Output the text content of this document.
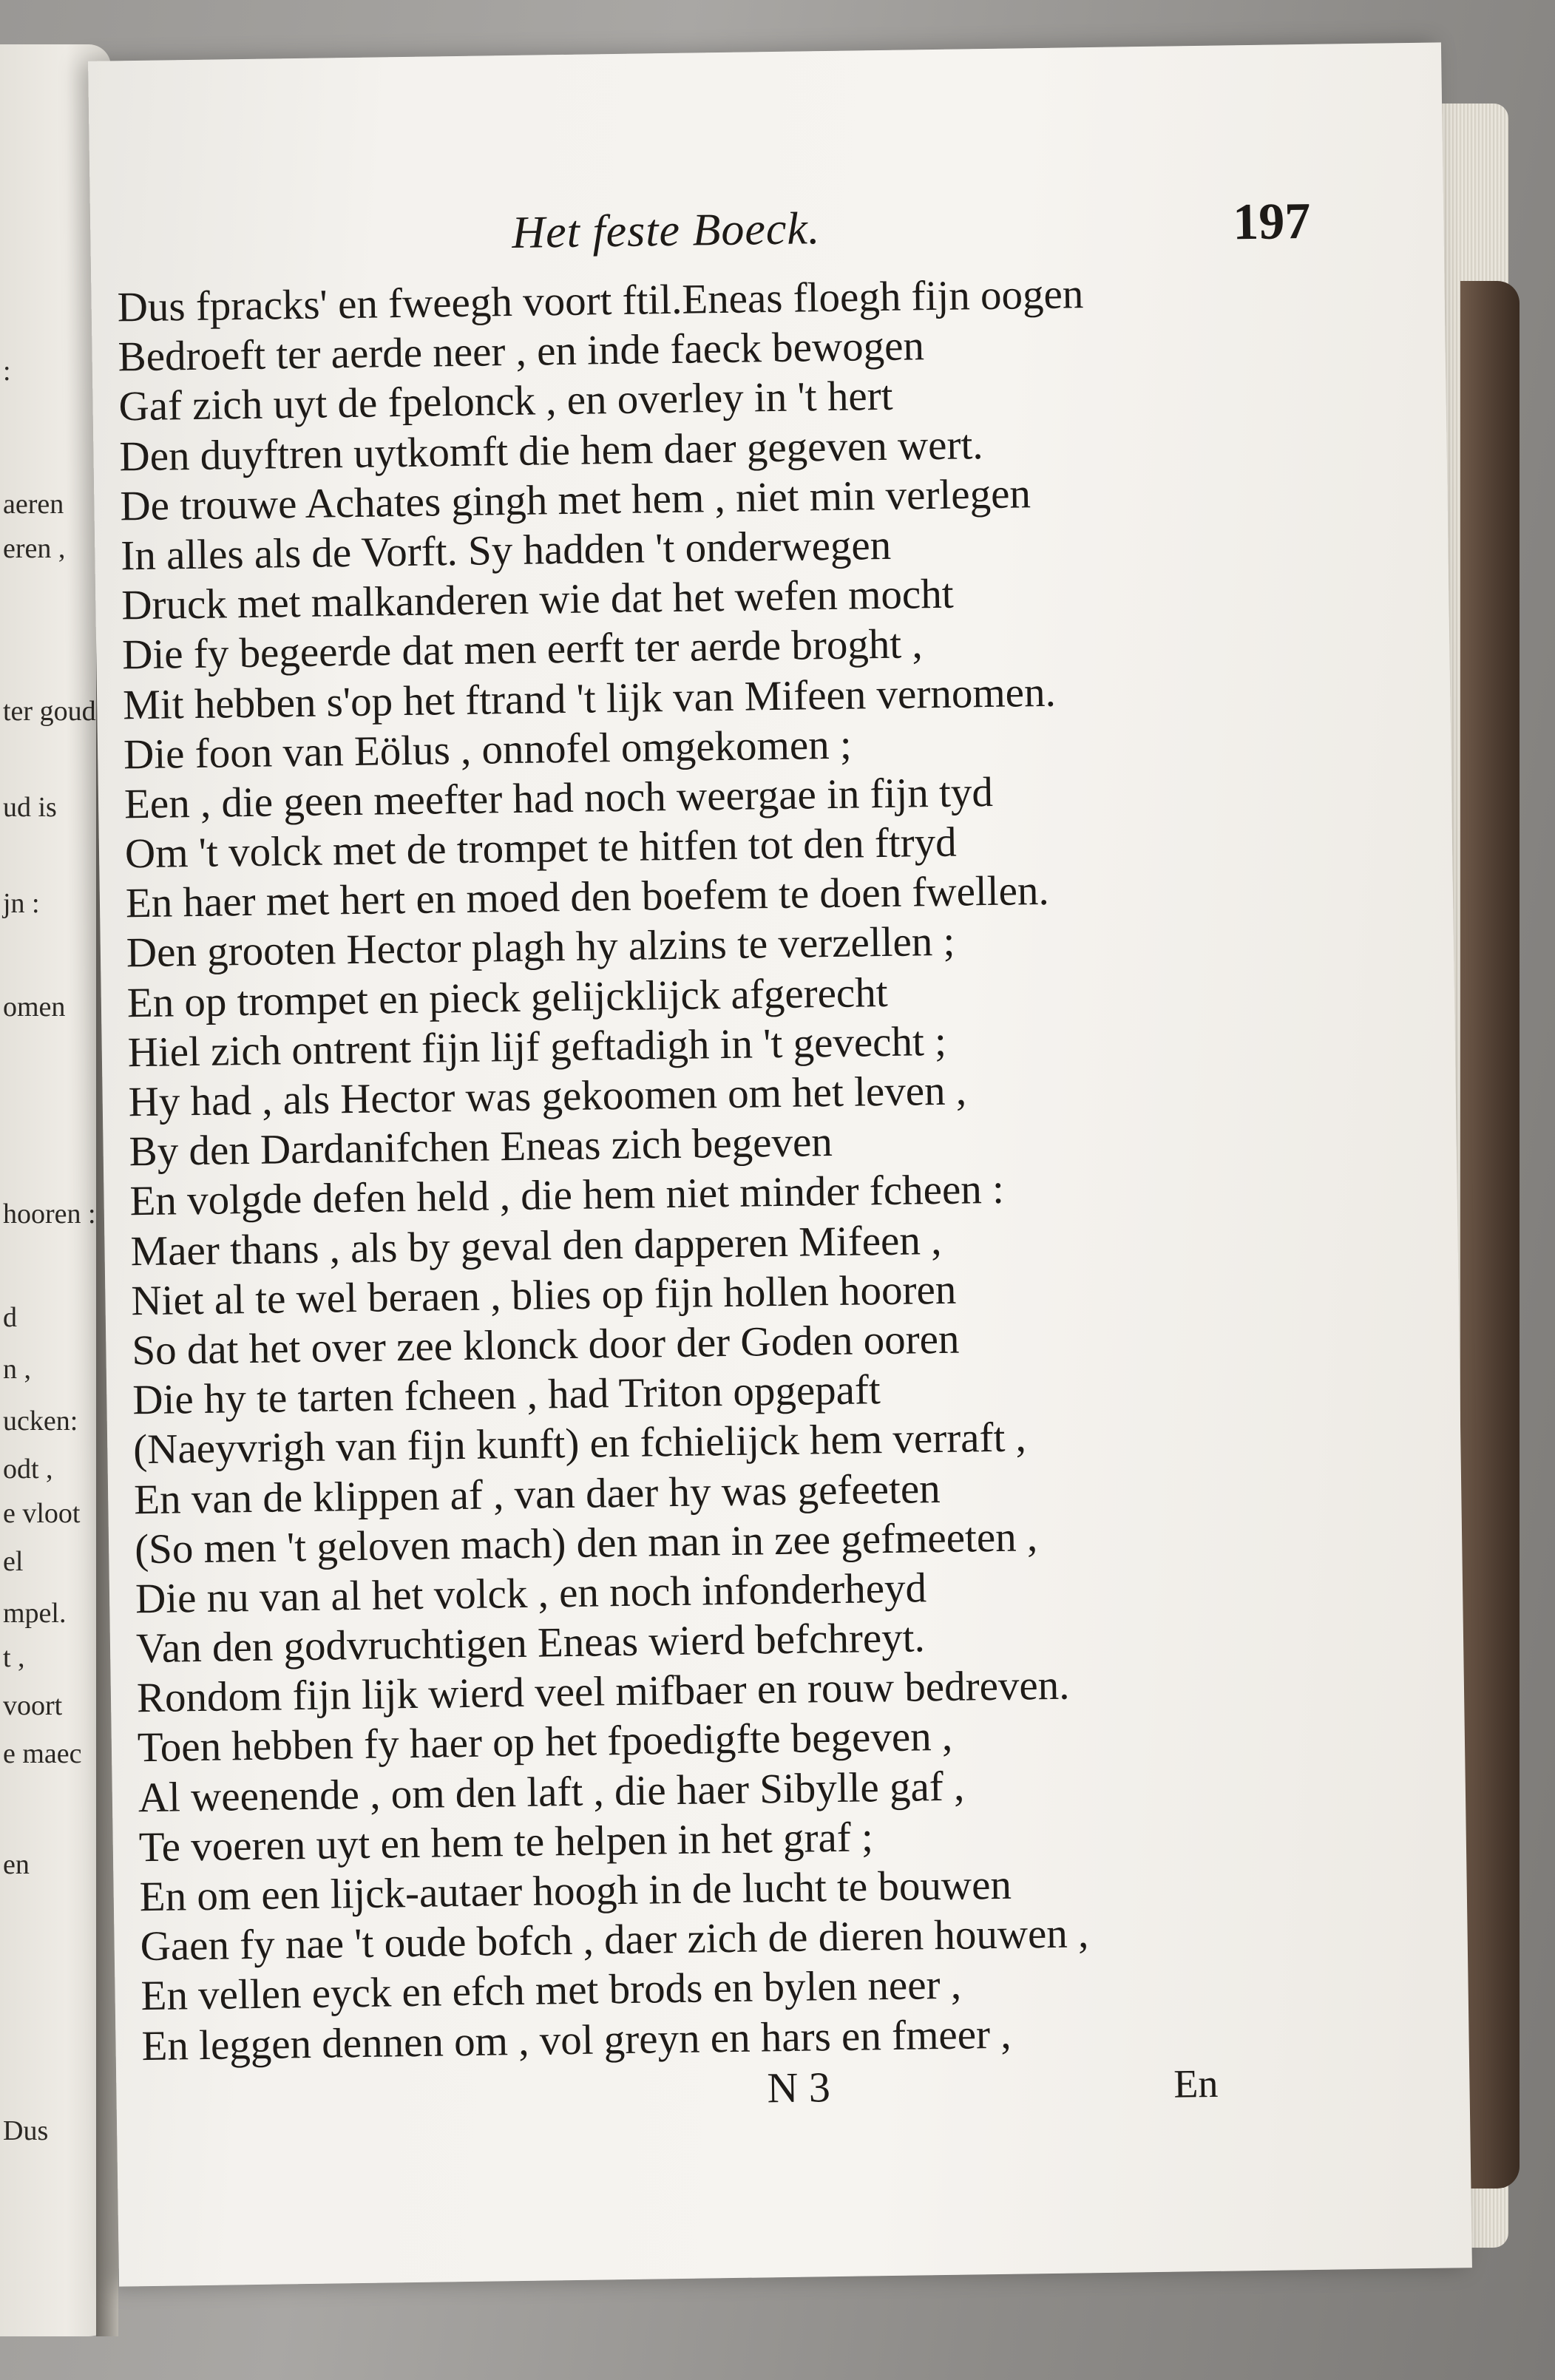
:
aeren
eren ,
ter goud
ud is
jn :
omen
hooren :
d
n ,
ucken:
odt ,
e vloot
el
mpel.
t ,
voort
e maec
en
Dus
Het feste Boeck.	197
Dus fpracks' en fweegh voort ftil.Eneas floegh fijn oogen
Bedroeft ter aerde neer , en inde faeck bewogen
Gaf zich uyt de fpelonck , en overley in 't hert
Den duyftren uytkomft die hem daer gegeven wert.
De trouwe Achates gingh met hem , niet min verlegen
In alles als de Vorft. Sy hadden 't onderwegen
Druck met malkanderen wie dat het wefen mocht
Die fy begeerde dat men eerft ter aerde broght ,
Mit hebben s'op het ftrand 't lijk van Mifeen vernomen.
Die foon van Eölus , onnofel omgekomen ;
Een , die geen meefter had noch weergae in fijn tyd
Om 't volck met de trompet te hitfen tot den ftryd
En haer met hert en moed den boefem te doen fwellen.
Den grooten Hector plagh hy alzins te verzellen ;
En op trompet en pieck gelijcklijck afgerecht
Hiel zich ontrent fijn lijf geftadigh in 't gevecht ;
Hy had , als Hector was gekoomen om het leven ,
By den Dardanifchen Eneas zich begeven
En volgde defen held , die hem niet minder fcheen :
Maer thans , als by geval den dapperen Mifeen ,
Niet al te wel beraen , blies op fijn hollen hooren
So dat het over zee klonck door der Goden ooren
Die hy te tarten fcheen , had Triton opgepaft
(Naeyvrigh van fijn kunft) en fchielijck hem verraft ,
En van de klippen af , van daer hy was gefeeten
(So men 't geloven mach) den man in zee gefmeeten ,
Die nu van al het volck , en noch infonderheyd
Van den godvruchtigen Eneas wierd befchreyt.
Rondom fijn lijk wierd veel mifbaer en rouw bedreven.
Toen hebben fy haer op het fpoedigfte begeven ,
Al weenende , om den laft , die haer Sibylle gaf ,
Te voeren uyt en hem te helpen in het graf ;
En om een lijck-autaer hoogh in de lucht te bouwen
Gaen fy nae 't oude bofch , daer zich de dieren houwen ,
En vellen eyck en efch met brods en bylen neer ,
En leggen dennen om , vol greyn en hars en fmeer ,
N 3	En
